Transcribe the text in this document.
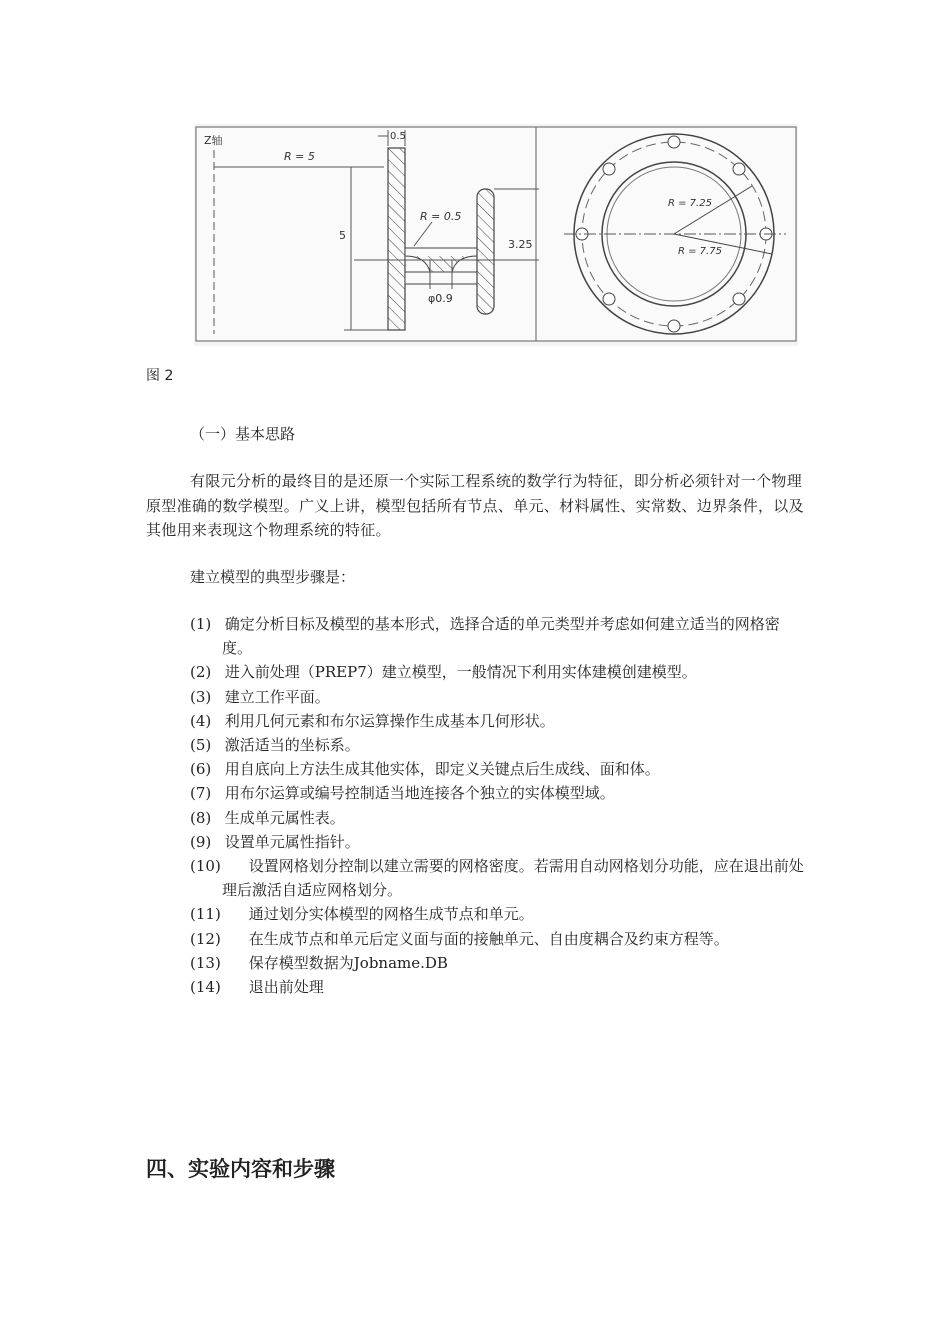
Z轴
R = 5
0.5
5
3.25
R = 0.5
φ0.9
R = 7.25
R = 7.75
图 2
（一）基本思路
有限元分析的最终目的是还原一个实际工程系统的数学行为特征，即分析必须针对一个物理原型准确的数学模型。广义上讲，模型包括所有节点、单元、材料属性、实常数、边界条件，以及其他用来表现这个物理系统的特征。
建立模型的典型步骤是：
(1) 确定分析目标及模型的基本形式，选择合适的单元类型并考虑如何建立适当的网格密度。
(2) 进入前处理（PREP7）建立模型，一般情况下利用实体建模创建模型。
(3) 建立工作平面。
(4) 利用几何元素和布尔运算操作生成基本几何形状。
(5) 激活适当的坐标系。
(6) 用自底向上方法生成其他实体，即定义关键点后生成线、面和体。
(7) 用布尔运算或编号控制适当地连接各个独立的实体模型域。
(8) 生成单元属性表。
(9) 设置单元属性指针。
(10) 设置网格划分控制以建立需要的网格密度。若需用自动网格划分功能，应在退出前处理后激活自适应网格划分。
(11) 通过划分实体模型的网格生成节点和单元。
(12) 在生成节点和单元后定义面与面的接触单元、自由度耦合及约束方程等。
(13) 保存模型数据为Jobname.DB
(14) 退出前处理
四、实验内容和步骤
